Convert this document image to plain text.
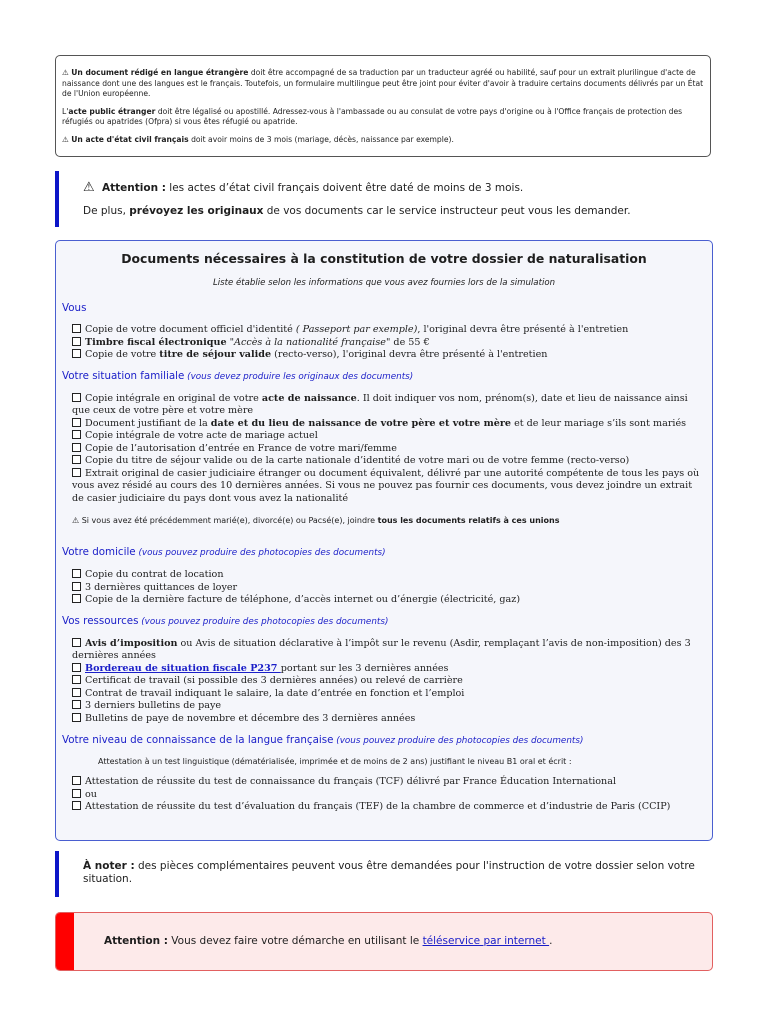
⚠ Un document rédigé en langue étrangère doit être accompagné de sa traduction par un traducteur agréé ou habilité, sauf pour un extrait plurilingue d'acte de naissance dont une des langues est le français. Toutefois, un formulaire multilingue peut être joint pour éviter d'avoir à traduire certains documents délivrés par un État de l'Union européenne.

L'acte public étranger doit être légalisé ou apostillé. Adressez-vous à l'ambassade ou au consulat de votre pays d'origine ou à l'Office français de protection des réfugiés ou apatrides (Ofpra) si vous êtes réfugié ou apatride.

⚠ Un acte d'état civil français doit avoir moins de 3 mois (mariage, décès, naissance par exemple).

⚠ Attention : les actes d’état civil français doivent être daté de moins de 3 mois.
De plus, prévoyez les originaux de vos documents car le service instructeur peut vous les demander.
Documents nécessaires à la constitution de votre dossier de naturalisation
Liste établie selon les informations que vous avez fournies lors de la simulation
Vous
Copie de votre document officiel d'identité ( Passeport par exemple), l'original devra être présenté à l'entretien
Timbre fiscal électronique "Accès à la nationalité française" de 55 €
Copie de votre titre de séjour valide (recto-verso), l'original devra être présenté à l'entretien
Votre situation familiale (vous devez produire les originaux des documents)
Copie intégrale en original de votre acte de naissance. Il doit indiquer vos nom, prénom(s), date et lieu de naissance ainsi que ceux de votre père et votre mère
Document justifiant de la date et du lieu de naissance de votre père et votre mère et de leur mariage s’ils sont mariés
Copie intégrale de votre acte de mariage actuel
Copie de l’autorisation d’entrée en France de votre mari/femme
Copie du titre de séjour valide ou de la carte nationale d’identité de votre mari ou de votre femme (recto-verso)
Extrait original de casier judiciaire étranger ou document équivalent, délivré par une autorité compétente de tous les pays où vous avez résidé au cours des 10 dernières années. Si vous ne pouvez pas fournir ces documents, vous devez joindre un extrait de casier judiciaire du pays dont vous avez la nationalité
⚠ Si vous avez été précédemment marié(e), divorcé(e) ou Pacsé(e), joindre tous les documents relatifs à ces unions
Votre domicile (vous pouvez produire des photocopies des documents)
Copie du contrat de location
3 dernières quittances de loyer
Copie de la dernière facture de téléphone, d’accès internet ou d’énergie (électricité, gaz)
Vos ressources (vous pouvez produire des photocopies des documents)
Avis d’imposition ou Avis de situation déclarative à l’impôt sur le revenu (Asdir, remplaçant l’avis de non-imposition) des 3 dernières années
Bordereau de situation fiscale P237 portant sur les 3 dernières années
Certificat de travail (si possible des 3 dernières années) ou relevé de carrière
Contrat de travail indiquant le salaire, la date d’entrée en fonction et l’emploi
3 derniers bulletins de paye
Bulletins de paye de novembre et décembre des 3 dernières années
Votre niveau de connaissance de la langue française (vous pouvez produire des photocopies des documents)
Attestation à un test linguistique (dématérialisée, imprimée et de moins de 2 ans) justifiant le niveau B1 oral et écrit :
Attestation de réussite du test de connaissance du français (TCF) délivré par France Éducation International
ou
Attestation de réussite du test d’évaluation du français (TEF) de la chambre de commerce et d’industrie de Paris (CCIP)
À noter : des pièces complémentaires peuvent vous être demandées pour l'instruction de votre dossier selon votre situation.
Attention : Vous devez faire votre démarche en utilisant le téléservice par internet .
